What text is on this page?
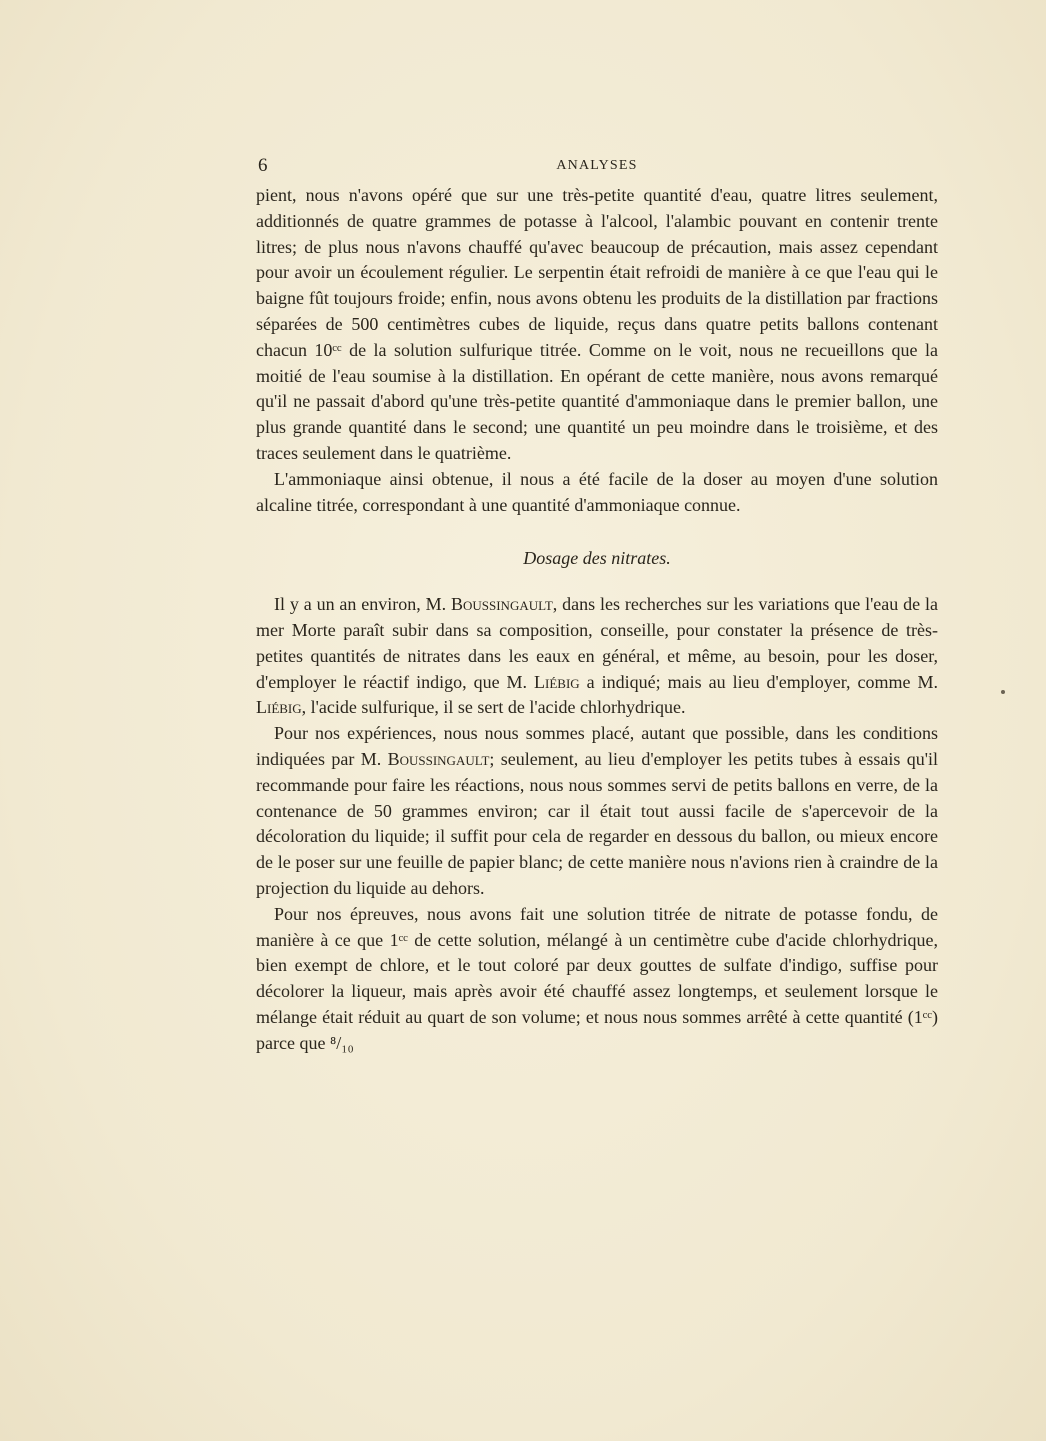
6	ANALYSES

pient, nous n'avons opéré que sur une très-petite quantité d'eau, quatre litres seulement, additionnés de quatre grammes de potasse à l'alcool, l'alambic pouvant en contenir trente litres; de plus nous n'avons chauffé qu'avec beaucoup de précaution, mais assez cependant pour avoir un écoulement régulier. Le serpentin était refroidi de manière à ce que l'eau qui le baigne fût toujours froide; enfin, nous avons obtenu les produits de la distillation par fractions séparées de 500 centimètres cubes de liquide, reçus dans quatre petits ballons contenant chacun 10ᶜᶜ de la solution sulfurique titrée. Comme on le voit, nous ne recueillons que la moitié de l'eau soumise à la distillation. En opérant de cette manière, nous avons remarqué qu'il ne passait d'abord qu'une très-petite quantité d'ammoniaque dans le premier ballon, une plus grande quantité dans le second; une quantité un peu moindre dans le troisième, et des traces seulement dans le quatrième.

L'ammoniaque ainsi obtenue, il nous a été facile de la doser au moyen d'une solution alcaline titrée, correspondant à une quantité d'ammoniaque connue.

Dosage des nitrates.

Il y a un an environ, M. Boussingault, dans les recherches sur les variations que l'eau de la mer Morte paraît subir dans sa composition, conseille, pour constater la présence de très-petites quantités de nitrates dans les eaux en général, et même, au besoin, pour les doser, d'employer le réactif indigo, que M. Liébig a indiqué; mais au lieu d'employer, comme M. Liébig, l'acide sulfurique, il se sert de l'acide chlorhydrique.

Pour nos expériences, nous nous sommes placé, autant que possible, dans les conditions indiquées par M. Boussingault; seulement, au lieu d'employer les petits tubes à essais qu'il recommande pour faire les réactions, nous nous sommes servi de petits ballons en verre, de la contenance de 50 grammes environ; car il était tout aussi facile de s'apercevoir de la décoloration du liquide; il suffit pour cela de regarder en dessous du ballon, ou mieux encore de le poser sur une feuille de papier blanc; de cette manière nous n'avions rien à craindre de la projection du liquide au dehors.

Pour nos épreuves, nous avons fait une solution titrée de nitrate de potasse fondu, de manière à ce que 1ᶜᶜ de cette solution, mélangé à un centimètre cube d'acide chlorhydrique, bien exempt de chlore, et le tout coloré par deux gouttes de sulfate d'indigo, suffise pour décolorer la liqueur, mais après avoir été chauffé assez longtemps, et seulement lorsque le mélange était réduit au quart de son volume; et nous nous sommes arrêté à cette quantité (1ᶜᶜ) parce que ⁸/₁₀
